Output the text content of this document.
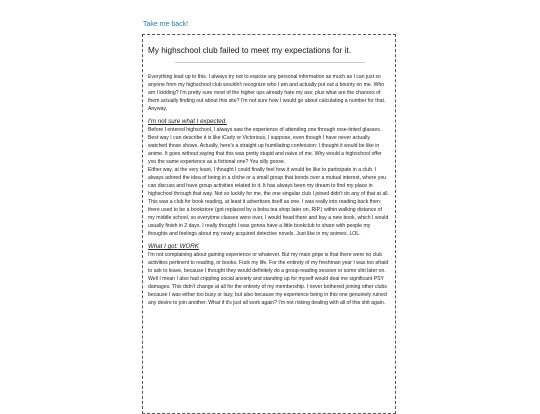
Take me back!
My highschool club failed to meet my expectations for it.

Everything lead up to this. I always try not to expose any personal information as much as I can just so anyone from my highschool club wouldn't recognize who I am and actually put out a bounty on me. Who am I kidding? I'm pretty sure most of the higher ups already hate my ass; plus what are the chances of them actually finding out about this site? I'm not sure how I would go about calculating a number for that. Anyway.

I'm not sure what I expected.

Before I entered highschool, I always saw the experience of attending one through rose-tinted glasses. Best way I can describe it is like iCarly or Victorious, I suppose, even though I have never actually watched those shows. Actually, here's a straight up humiliating confession: I thought it would be like in anime. It goes without saying that this was pretty stupid and naive of me. Why would a highschool offer you the same experience as a fictional one? You silly goose.

Either way, at the very least, I thought I could finally feel how it would be like to participate in a club. I always adored the idea of being in a cliche or a small group that bonds over a mutual interest, where you can discuss and have group activities related to it. It has always been my dream to find my place in highschool through that way. Not so luckily for me, the one singular club I joined didn't do any of that at all.

This was a club for book reading, at least it advertises itself as one. I was really into reading back then: there used to be a bookstore (got replaced by a boba tea shop later on, RIP.) within walking distance of my middle school, so everytime classes were over, I would head there and buy a new book, which I would usually finish in 2 days. I really thought I was gonna have a little bookclub to share with people my thoughts and feelings about my newly acquired detective novels. Just like in my animes. LOL.

What I got: WORK

I'm not complaining about gaining experience or whatever. But my main gripe is that there were no club activities pertinent to reading, or books. Fuck my life. For the entirety of my freshman year I was too afraid to ask to leave, because I thought they would definitely do a group-reading session or some shit later on. Well I mean I also had crippling social anxiety and standing up for myself would deal me significant PSY damages. This didn't change at all for the entirety of my membership. I never bothered joining other clubs because I was either too busy or lazy, but also because my experience being in this one genuinely ruined any desire to join another. What if it's just all work again? I'm not risking dealing with all of this shit again.
